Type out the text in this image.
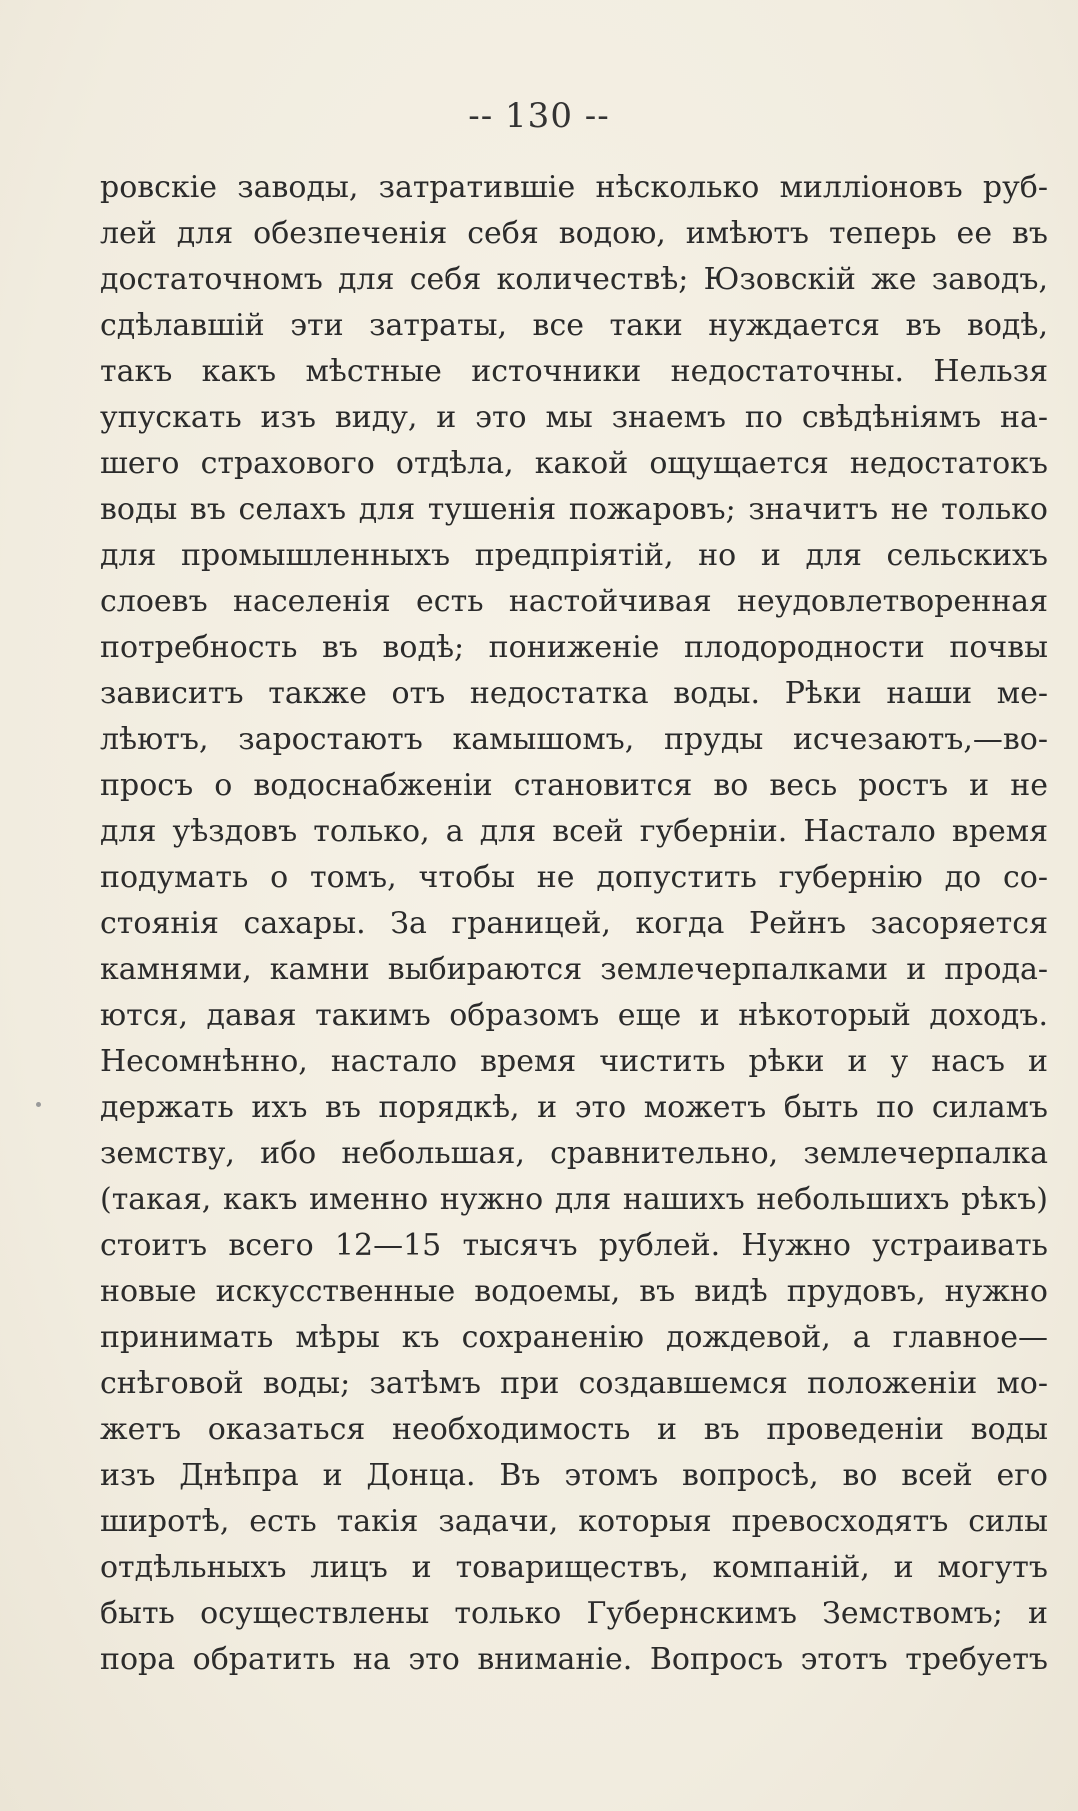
-- 130 --
ровскіе заводы, затратившіе нѣсколько милліоновъ руб-
лей для обезпеченія себя водою, имѣютъ теперь ее въ
достаточномъ для себя количествѣ; Юзовскій же заводъ,
сдѣлавшій эти затраты, все таки нуждается въ водѣ,
такъ какъ мѣстные источники недостаточны. Нельзя
упускать изъ виду, и это мы знаемъ по свѣдѣніямъ на-
шего страхового отдѣла, какой ощущается недостатокъ
воды въ селахъ для тушенія пожаровъ; значитъ не только
для промышленныхъ предпріятій, но и для сельскихъ
слоевъ населенія есть настойчивая неудовлетворенная
потребность въ водѣ; пониженіе плодородности почвы
зависитъ также отъ недостатка воды. Рѣки наши ме-
лѣютъ, заростаютъ камышомъ, пруды исчезаютъ,—во-
просъ о водоснабженіи становится во весь ростъ и не
для уѣздовъ только, а для всей губерніи. Настало время
подумать о томъ, чтобы не допустить губернію до со-
стоянія сахары. За границей, когда Рейнъ засоряется
камнями, камни выбираются землечерпалками и прода-
ются, давая такимъ образомъ еще и нѣкоторый доходъ.
Несомнѣнно, настало время чистить рѣки и у насъ и
держать ихъ въ порядкѣ, и это можетъ быть по силамъ
земству, ибо небольшая, сравнительно, землечерпалка
(такая, какъ именно нужно для нашихъ небольшихъ рѣкъ)
стоитъ всего 12—15 тысячъ рублей. Нужно устраивать
новые искусственные водоемы, въ видѣ прудовъ, нужно
принимать мѣры къ сохраненію дождевой, а главное—
снѣговой воды; затѣмъ при создавшемся положеніи мо-
жетъ оказаться необходимость и въ проведеніи воды
изъ Днѣпра и Донца. Въ этомъ вопросѣ, во всей его
широтѣ, есть такія задачи, которыя превосходятъ силы
отдѣльныхъ лицъ и товариществъ, компаній, и могутъ
быть осуществлены только Губернскимъ Земствомъ; и
пора обратить на это вниманіе. Вопросъ этотъ требуетъ
